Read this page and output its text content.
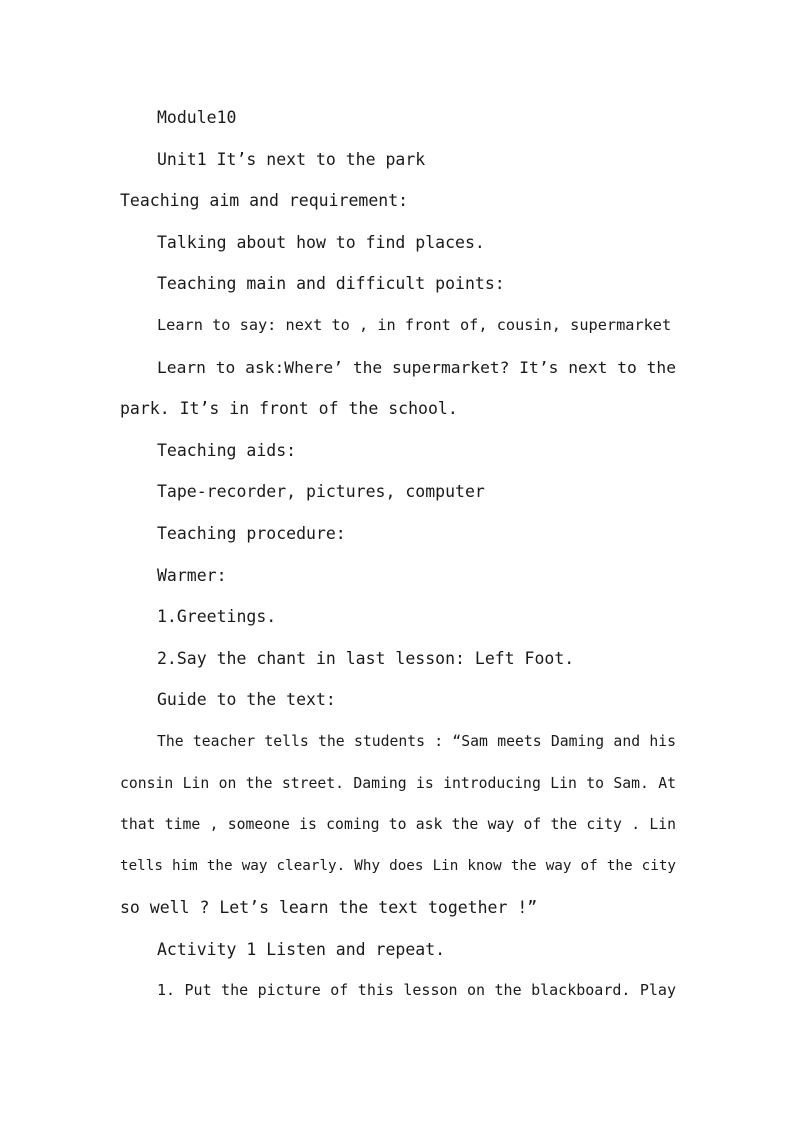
Module10
Unit1 It’s next to the park
Teaching aim and requirement:
Talking about how to find places.
Teaching main and difficult points:
Learn to say: next to , in front of, cousin, supermarket
Learn to ask:Where’ the supermarket? It’s next to the
park. It’s in front of the school.
Teaching aids:
Tape-recorder, pictures, computer
Teaching procedure:
Warmer:
1.Greetings.
2.Say the chant in last lesson: Left Foot.
Guide to the text:
The teacher tells the students : “Sam meets Daming and his
consin Lin on the street. Daming is introducing Lin to Sam. At
that time , someone is coming to ask the way of the city . Lin
tells him the way clearly. Why does Lin know the way of the city
so well ? Let’s learn the text together !”
Activity 1 Listen and repeat.
1. Put the picture of this lesson on the blackboard. Play
